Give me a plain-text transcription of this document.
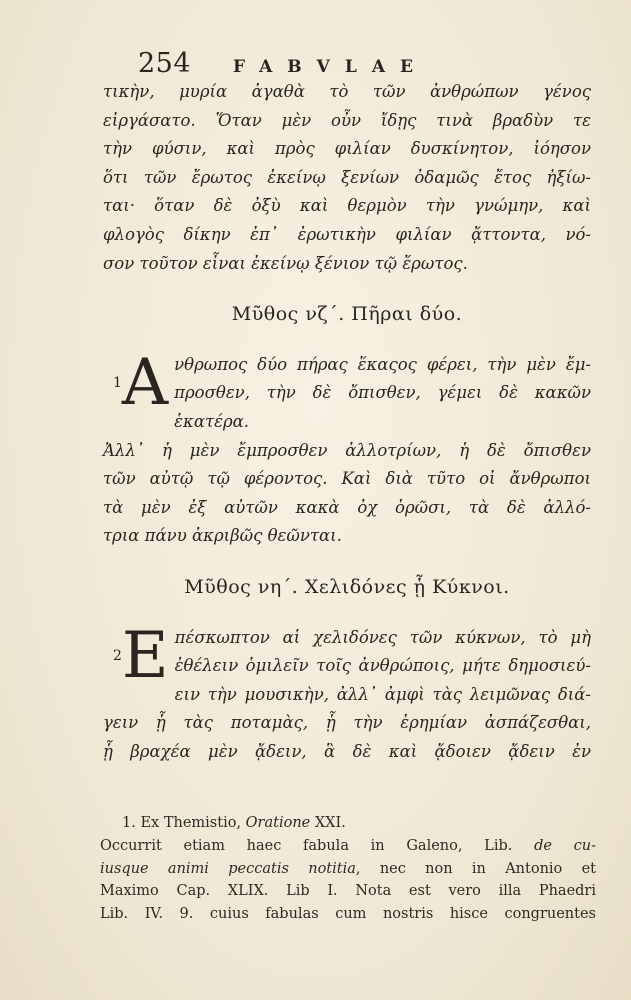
254 FABVLAE
τικὴν, μυρία ἀγαθὰ τὸ τῶν ἀνθρώπων γένος
εἰργάσατο. Ὅταν μὲν οὖν ἴδῃς τινὰ βραδὺν τε
τὴν φύσιν, καὶ πρὸς φιλίαν δυσκίνητον, ἰόησον
ὅτι τῶν ἔρωτος ἐκείνῳ ξενίων ὀδαμῶς ἔτος ἠξίω-
ται· ὅταν δὲ ὀξὺ καὶ θερμὸν τὴν γνώμην, καὶ
φλογὸς δίκην ἐπ᾽ ἐρωτικὴν φιλίαν ᾄττοντα, νό-
σον τοῦτον εἶναι ἐκείνῳ ξένιον τῷ ἔρωτος.
Μῦθος νζ΄. Πῆραι δύο.
$^1$Α νθρωπος δύο πήρας ἕκαςος φέρει, τὴν μὲν ἔμ-
προσθεν, τὴν δὲ ὄπισθεν, γέμει δὲ κακῶν ἑκατέρα.
Ἀλλ᾽ ἡ μὲν ἔμπροσθεν ἀλλοτρίων, ἡ δὲ ὄπισθεν
τῶν αὐτῷ τῷ φέροντος. Καὶ διὰ τῦτο οἱ ἄνθρωποι
τὰ μὲν ἐξ αὐτῶν κακὰ ὀχ ὁρῶσι, τὰ δὲ ἀλλό-
τρια πάνυ ἀκριβῶς θεῶνται.
Μῦθος νη΄. Χελιδόνες ᾗ Κύκνοι.
$^2$Ε πέσκωπτον αἱ χελιδόνες τῶν κύκνων, τὸ μὴ
ἐθέλειν ὁμιλεῖν τοῖς ἀνθρώποις, μήτε δημοσιεύ-
ειν τὴν μουσικὴν, ἀλλ᾽ ἀμφὶ τὰς λειμῶνας διά-
γειν ᾗ τὰς ποταμὰς, ᾗ τὴν ἐρημίαν ἀσπάζεσθαι,
ᾗ βραχέα μὲν ᾄδειν, ἃ δὲ καὶ ᾄδοιεν ᾄδειν ἐν
1. Ex Themistio, Oratione XXI.
Occurrit etiam haec fabula in Galeno, Lib. de cu-
iusque animi peccatis notitia, nec non in Antonio et
Maximo Cap. XLIX. Lib I. Nota est vero illa Phaedri
Lib. IV. 9. cuius fabulas cum nostris hisce congruentes
